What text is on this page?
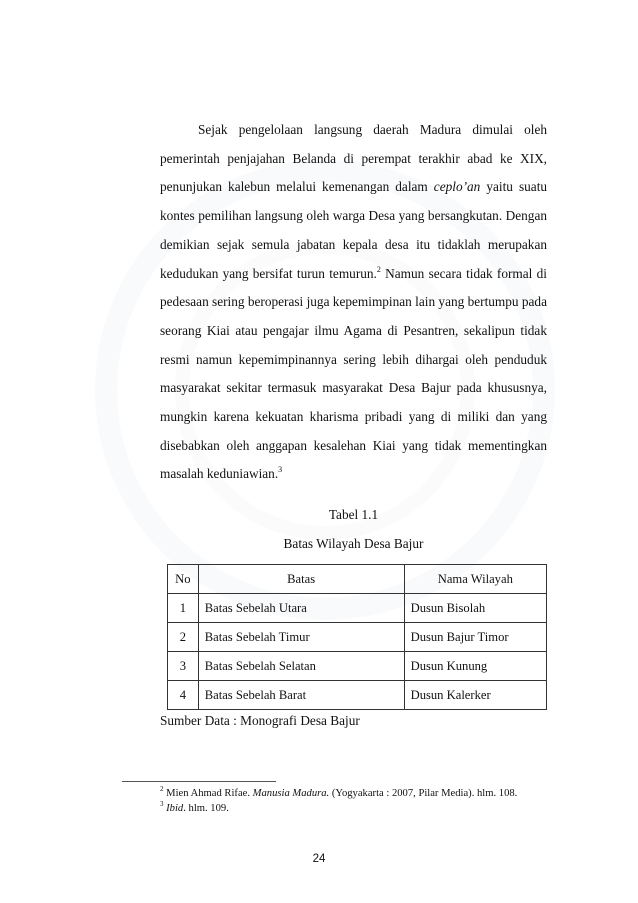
Sejak pengelolaan langsung daerah Madura dimulai oleh
pemerintah penjajahan Belanda di perempat terakhir abad ke XIX,
penunjukan kalebun melalui kemenangan dalam ceplo’an yaitu suatu
kontes pemilihan langsung oleh warga Desa yang bersangkutan. Dengan
demikian sejak semula jabatan kepala desa itu tidaklah merupakan
kedudukan yang bersifat turun temurun.$^2$ Namun secara tidak formal di
pedesaan sering beroperasi juga kepemimpinan lain yang bertumpu pada
seorang Kiai atau pengajar ilmu Agama di Pesantren, sekalipun tidak
resmi namun kepemimpinannya sering lebih dihargai oleh penduduk
masyarakat sekitar termasuk masyarakat Desa Bajur pada khususnya,
mungkin karena kekuatan kharisma pribadi yang di miliki dan yang
disebabkan oleh anggapan kesalehan Kiai yang tidak mementingkan
masalah keduniawian.$^3$
Tabel 1.1
Batas Wilayah Desa Bajur
No	Batas	Nama Wilayah
1	Batas Sebelah Utara	Dusun Bisolah
2	Batas Sebelah Timur	Dusun Bajur Timor
3	Batas Sebelah Selatan	Dusun Kunung
4	Batas Sebelah Barat	Dusun Kalerker
Sumber Data : Monografi Desa Bajur
$^2$ Mien Ahmad Rifae. Manusia Madura. (Yogyakarta : 2007, Pilar Media). hlm. 108.
$^3$ Ibid. hlm. 109.
24
